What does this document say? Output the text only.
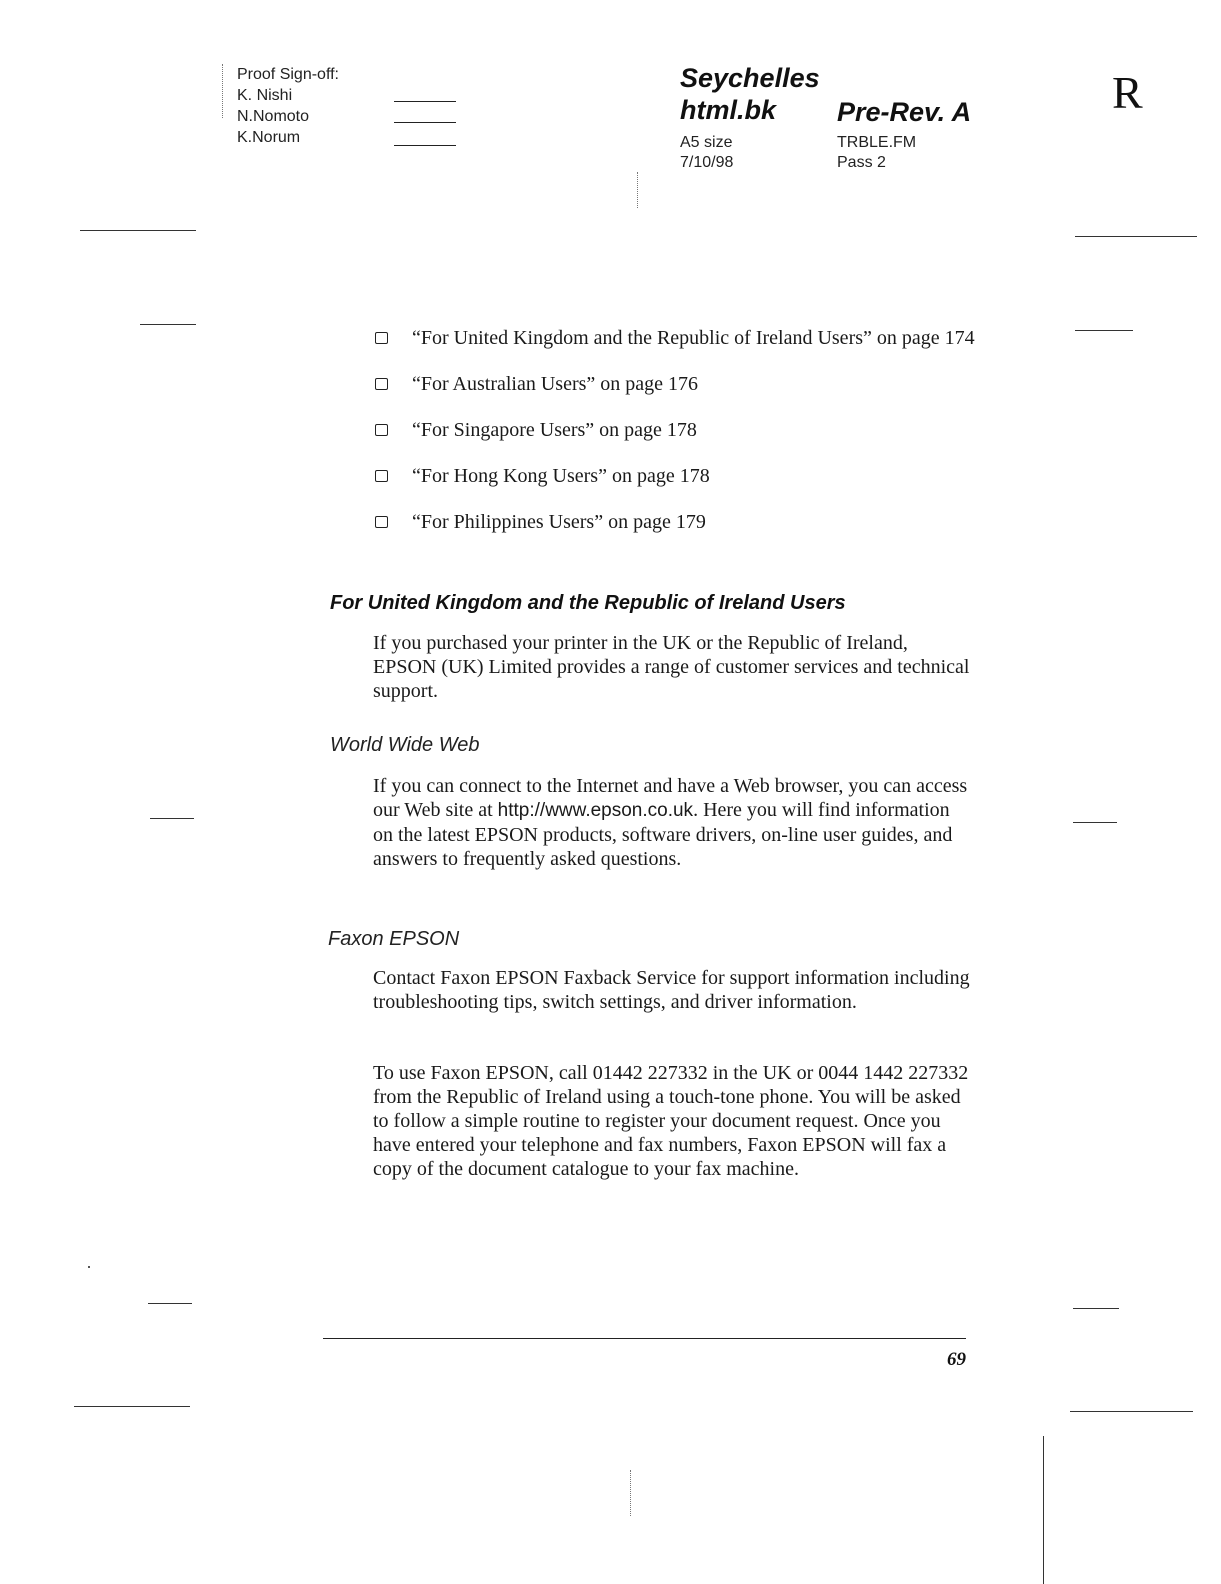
Proof Sign-off:
K. Nishi
N.Nomoto
K.Norum
Seychelles
html.bk	Pre-Rev. A
A5 size
7/10/98
TRBLE.FM
Pass 2
R
“For United Kingdom and the Republic of Ireland Users” on page 174
“For Australian Users” on page 176
“For Singapore Users” on page 178
“For Hong Kong Users” on page 178
“For Philippines Users” on page 179
For United Kingdom and the Republic of Ireland Users
If you purchased your printer in the UK or the Republic of Ireland, EPSON (UK) Limited provides a range of customer services and technical support.
World Wide Web
If you can connect to the Internet and have a Web browser, you can access our Web site at http://www.epson.co.uk. Here you will find information on the latest EPSON products, software drivers, on-line user guides, and answers to frequently asked questions.
Faxon EPSON
Contact Faxon EPSON Faxback Service for support information including troubleshooting tips, switch settings, and driver information.
To use Faxon EPSON, call 01442 227332 in the UK or 0044 1442 227332 from the Republic of Ireland using a touch-tone phone. You will be asked to follow a simple routine to register your document request. Once you have entered your telephone and fax numbers, Faxon EPSON will fax a copy of the document catalogue to your fax machine.
69
